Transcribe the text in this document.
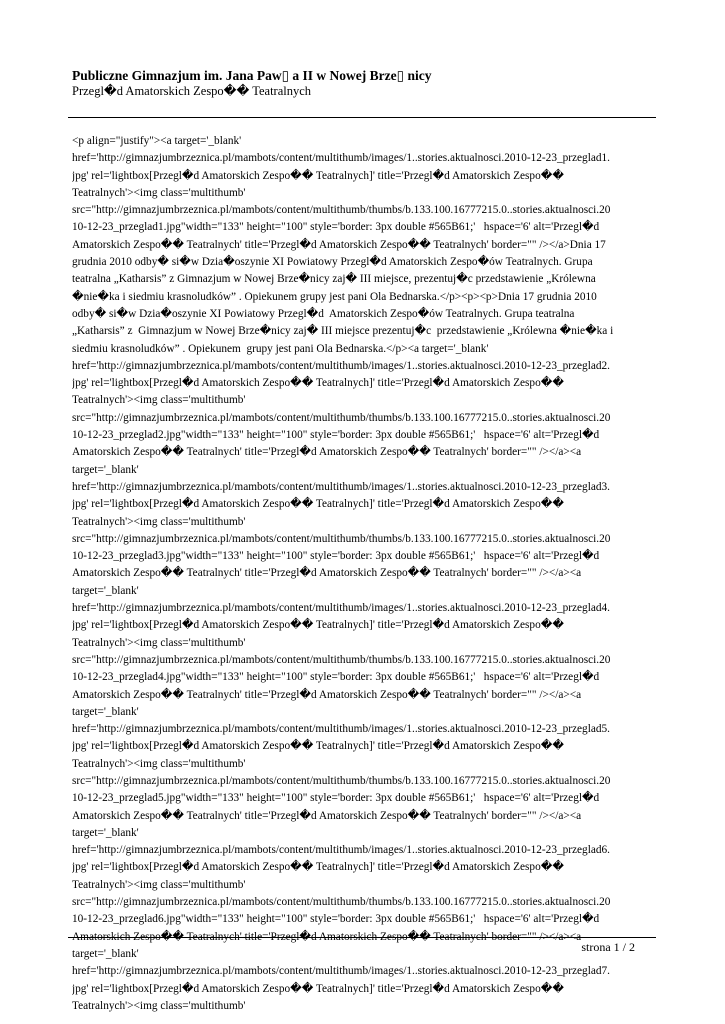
Publiczne Gimnazjum im. Jana Paw▯ a II w Nowej Brze▯ nicy
Przegl�d Amatorskich Zespo�� Teatralnych
<p align="justify"><a target='_blank'
href='http://gimnazjumbrzeznica.pl/mambots/content/multithumb/images/1..stories.aktualnosci.2010-12-23_przeglad1.
jpg' rel='lightbox[Przegl�d Amatorskich Zespo�� Teatralnych]' title='Przegl�d Amatorskich Zespo��
Teatralnych'><img class='multithumb'
src="http://gimnazjumbrzeznica.pl/mambots/content/multithumb/thumbs/b.133.100.16777215.0..stories.aktualnosci.20
10-12-23_przeglad1.jpg"width="133" height="100" style='border: 3px double #565B61;'   hspace='6' alt='Przegl�d
Amatorskich Zespo�� Teatralnych' title='Przegl�d Amatorskich Zespo�� Teatralnych' border="" /></a>Dnia 17
grudnia 2010 odby� si�w Dzia�oszynie XI Powiatowy Przegl�d Amatorskich Zespo�ów Teatralnych. Grupa
teatralna „Katharsis” z Gimnazjum w Nowej Brze�nicy zaj� III miejsce, prezentuj�c przedstawienie „Królewna
�nie�ka i siedmiu krasnoludków” . Opiekunem grupy jest pani Ola Bednarska.</p><p><p>Dnia 17 grudnia 2010
odby� si�w Dzia�oszynie XI Powiatowy Przegl�d  Amatorskich Zespo�ów Teatralnych. Grupa teatralna
„Katharsis” z  Gimnazjum w Nowej Brze�nicy zaj� III miejsce prezentuj�c  przedstawienie „Królewna �nie�ka i
siedmiu krasnoludków” . Opiekunem  grupy jest pani Ola Bednarska.</p><a target='_blank'
href='http://gimnazjumbrzeznica.pl/mambots/content/multithumb/images/1..stories.aktualnosci.2010-12-23_przeglad2.
jpg' rel='lightbox[Przegl�d Amatorskich Zespo�� Teatralnych]' title='Przegl�d Amatorskich Zespo��
Teatralnych'><img class='multithumb'
src="http://gimnazjumbrzeznica.pl/mambots/content/multithumb/thumbs/b.133.100.16777215.0..stories.aktualnosci.20
10-12-23_przeglad2.jpg"width="133" height="100" style='border: 3px double #565B61;'   hspace='6' alt='Przegl�d
Amatorskich Zespo�� Teatralnych' title='Przegl�d Amatorskich Zespo�� Teatralnych' border="" /></a><a
target='_blank'
href='http://gimnazjumbrzeznica.pl/mambots/content/multithumb/images/1..stories.aktualnosci.2010-12-23_przeglad3.
jpg' rel='lightbox[Przegl�d Amatorskich Zespo�� Teatralnych]' title='Przegl�d Amatorskich Zespo��
Teatralnych'><img class='multithumb'
src="http://gimnazjumbrzeznica.pl/mambots/content/multithumb/thumbs/b.133.100.16777215.0..stories.aktualnosci.20
10-12-23_przeglad3.jpg"width="133" height="100" style='border: 3px double #565B61;'   hspace='6' alt='Przegl�d
Amatorskich Zespo�� Teatralnych' title='Przegl�d Amatorskich Zespo�� Teatralnych' border="" /></a><a
target='_blank'
href='http://gimnazjumbrzeznica.pl/mambots/content/multithumb/images/1..stories.aktualnosci.2010-12-23_przeglad4.
jpg' rel='lightbox[Przegl�d Amatorskich Zespo�� Teatralnych]' title='Przegl�d Amatorskich Zespo��
Teatralnych'><img class='multithumb'
src="http://gimnazjumbrzeznica.pl/mambots/content/multithumb/thumbs/b.133.100.16777215.0..stories.aktualnosci.20
10-12-23_przeglad4.jpg"width="133" height="100" style='border: 3px double #565B61;'   hspace='6' alt='Przegl�d
Amatorskich Zespo�� Teatralnych' title='Przegl�d Amatorskich Zespo�� Teatralnych' border="" /></a><a
target='_blank'
href='http://gimnazjumbrzeznica.pl/mambots/content/multithumb/images/1..stories.aktualnosci.2010-12-23_przeglad5.
jpg' rel='lightbox[Przegl�d Amatorskich Zespo�� Teatralnych]' title='Przegl�d Amatorskich Zespo��
Teatralnych'><img class='multithumb'
src="http://gimnazjumbrzeznica.pl/mambots/content/multithumb/thumbs/b.133.100.16777215.0..stories.aktualnosci.20
10-12-23_przeglad5.jpg"width="133" height="100" style='border: 3px double #565B61;'   hspace='6' alt='Przegl�d
Amatorskich Zespo�� Teatralnych' title='Przegl�d Amatorskich Zespo�� Teatralnych' border="" /></a><a
target='_blank'
href='http://gimnazjumbrzeznica.pl/mambots/content/multithumb/images/1..stories.aktualnosci.2010-12-23_przeglad6.
jpg' rel='lightbox[Przegl�d Amatorskich Zespo�� Teatralnych]' title='Przegl�d Amatorskich Zespo��
Teatralnych'><img class='multithumb'
src="http://gimnazjumbrzeznica.pl/mambots/content/multithumb/thumbs/b.133.100.16777215.0..stories.aktualnosci.20
10-12-23_przeglad6.jpg"width="133" height="100" style='border: 3px double #565B61;'   hspace='6' alt='Przegl�d
Amatorskich Zespo�� Teatralnych' title='Przegl�d Amatorskich Zespo�� Teatralnych' border="" /></a><a
target='_blank'
href='http://gimnazjumbrzeznica.pl/mambots/content/multithumb/images/1..stories.aktualnosci.2010-12-23_przeglad7.
jpg' rel='lightbox[Przegl�d Amatorskich Zespo�� Teatralnych]' title='Przegl�d Amatorskich Zespo��
Teatralnych'><img class='multithumb'
strona 1 / 2
